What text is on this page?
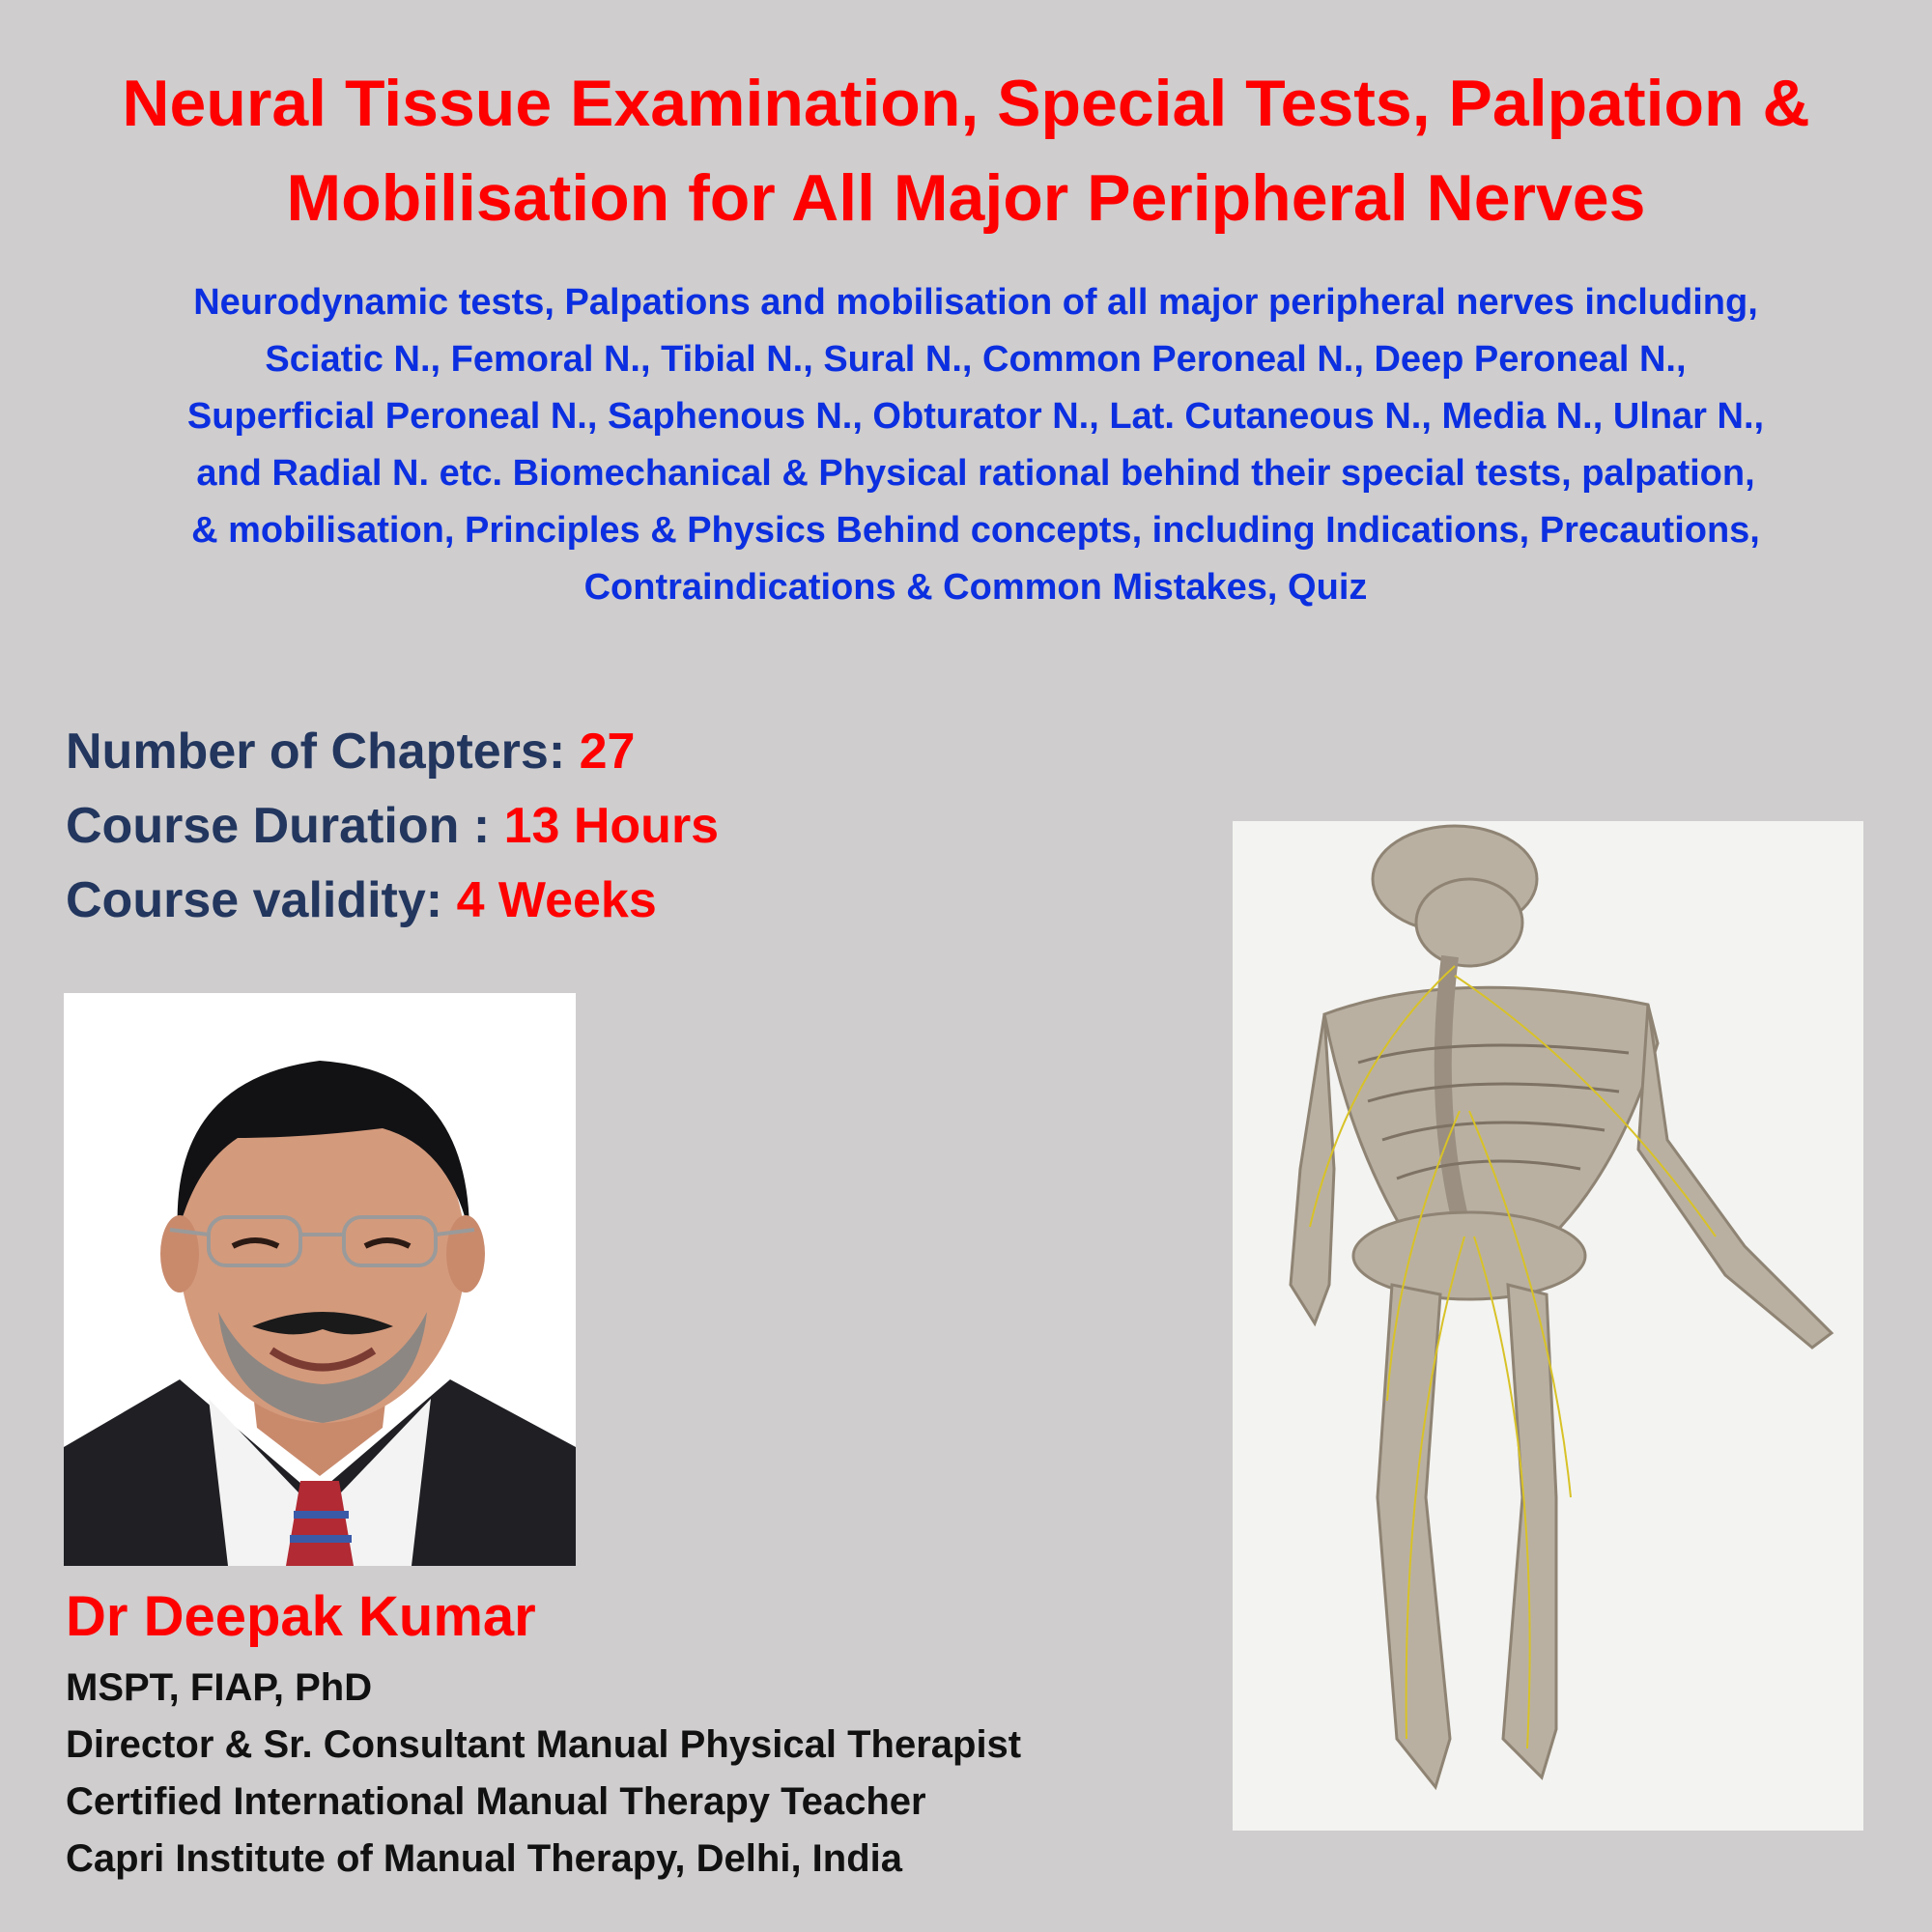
Neural Tissue Examination, Special Tests, Palpation &
Mobilisation for All Major Peripheral Nerves
Neurodynamic tests, Palpations and mobilisation of all major peripheral nerves including,
Sciatic N., Femoral N., Tibial N., Sural N., Common Peroneal N., Deep Peroneal N.,
Superficial Peroneal N., Saphenous N., Obturator N., Lat. Cutaneous N., Media N., Ulnar N.,
and Radial N. etc. Biomechanical & Physical rational behind their special tests, palpation,
& mobilisation, Principles & Physics Behind concepts, including Indications, Precautions,
Contraindications & Common Mistakes, Quiz
Number of Chapters: 27
Course Duration : 13 Hours
Course validity: 4 Weeks
Dr Deepak Kumar
MSPT, FIAP, PhD
Director & Sr. Consultant Manual Physical Therapist
Certified International Manual Therapy Teacher
Capri Institute of Manual Therapy, Delhi, India
